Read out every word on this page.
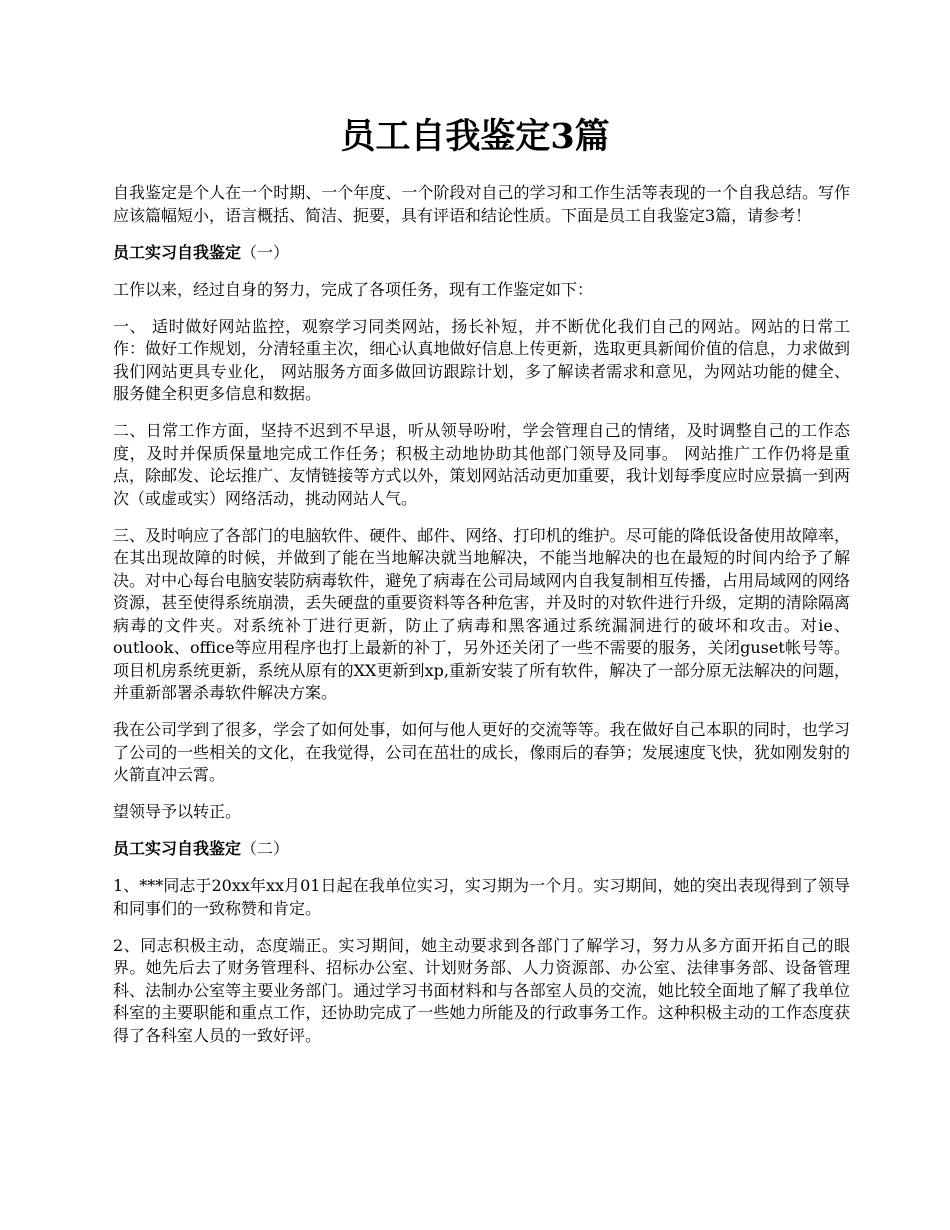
员工自我鉴定3篇

自我鉴定是个人在一个时期、一个年度、一个阶段对自己的学习和工作生活等表现的一个自我总结。写作应该篇幅短小，语言概括、简洁、扼要，具有评语和结论性质。下面是员工自我鉴定3篇，请参考！

员工实习自我鉴定（一）

工作以来，经过自身的努力，完成了各项任务，现有工作鉴定如下：

一、 适时做好网站监控，观察学习同类网站，扬长补短，并不断优化我们自己的网站。网站的日常工作：做好工作规划，分清轻重主次，细心认真地做好信息上传更新，选取更具新闻价值的信息，力求做到我们网站更具专业化， 网站服务方面多做回访跟踪计划，多了解读者需求和意见，为网站功能的健全、服务健全积更多信息和数据。

二、日常工作方面，坚持不迟到不早退，听从领导吩咐，学会管理自己的情绪，及时调整自己的工作态度，及时并保质保量地完成工作任务；积极主动地协助其他部门领导及同事。 网站推广工作仍将是重点，除邮发、论坛推广、友情链接等方式以外，策划网站活动更加重要，我计划每季度应时应景搞一到两次（或虚或实）网络活动，挑动网站人气。

三、及时响应了各部门的电脑软件、硬件、邮件、网络、打印机的维护。尽可能的降低设备使用故障率，在其出现故障的时候，并做到了能在当地解决就当地解决，不能当地解决的也在最短的时间内给予了解决。对中心每台电脑安装防病毒软件，避免了病毒在公司局域网内自我复制相互传播，占用局域网的网络资源，甚至使得系统崩溃，丢失硬盘的重要资料等各种危害，并及时的对软件进行升级，定期的清除隔离病毒的文件夹。对系统补丁进行更新，防止了病毒和黑客通过系统漏洞进行的破坏和攻击。对ie、outlook、office等应用程序也打上最新的补丁，另外还关闭了一些不需要的服务，关闭guset帐号等。项目机房系统更新，系统从原有的XX更新到xp,重新安装了所有软件，解决了一部分原无法解决的问题，并重新部署杀毒软件解决方案。

我在公司学到了很多，学会了如何处事，如何与他人更好的交流等等。我在做好自己本职的同时，也学习了公司的一些相关的文化，在我觉得，公司在茁壮的成长，像雨后的春笋；发展速度飞快，犹如刚发射的火箭直冲云霄。

望领导予以转正。

员工实习自我鉴定（二）

1、***同志于20xx年xx月01日起在我单位实习，实习期为一个月。实习期间，她的突出表现得到了领导和同事们的一致称赞和肯定。

2、同志积极主动，态度端正。实习期间，她主动要求到各部门了解学习，努力从多方面开拓自己的眼界。她先后去了财务管理科、招标办公室、计划财务部、人力资源部、办公室、法律事务部、设备管理科、法制办公室等主要业务部门。通过学习书面材料和与各部室人员的交流，她比较全面地了解了我单位科室的主要职能和重点工作，还协助完成了一些她力所能及的行政事务工作。这种积极主动的工作态度获得了各科室人员的一致好评。
